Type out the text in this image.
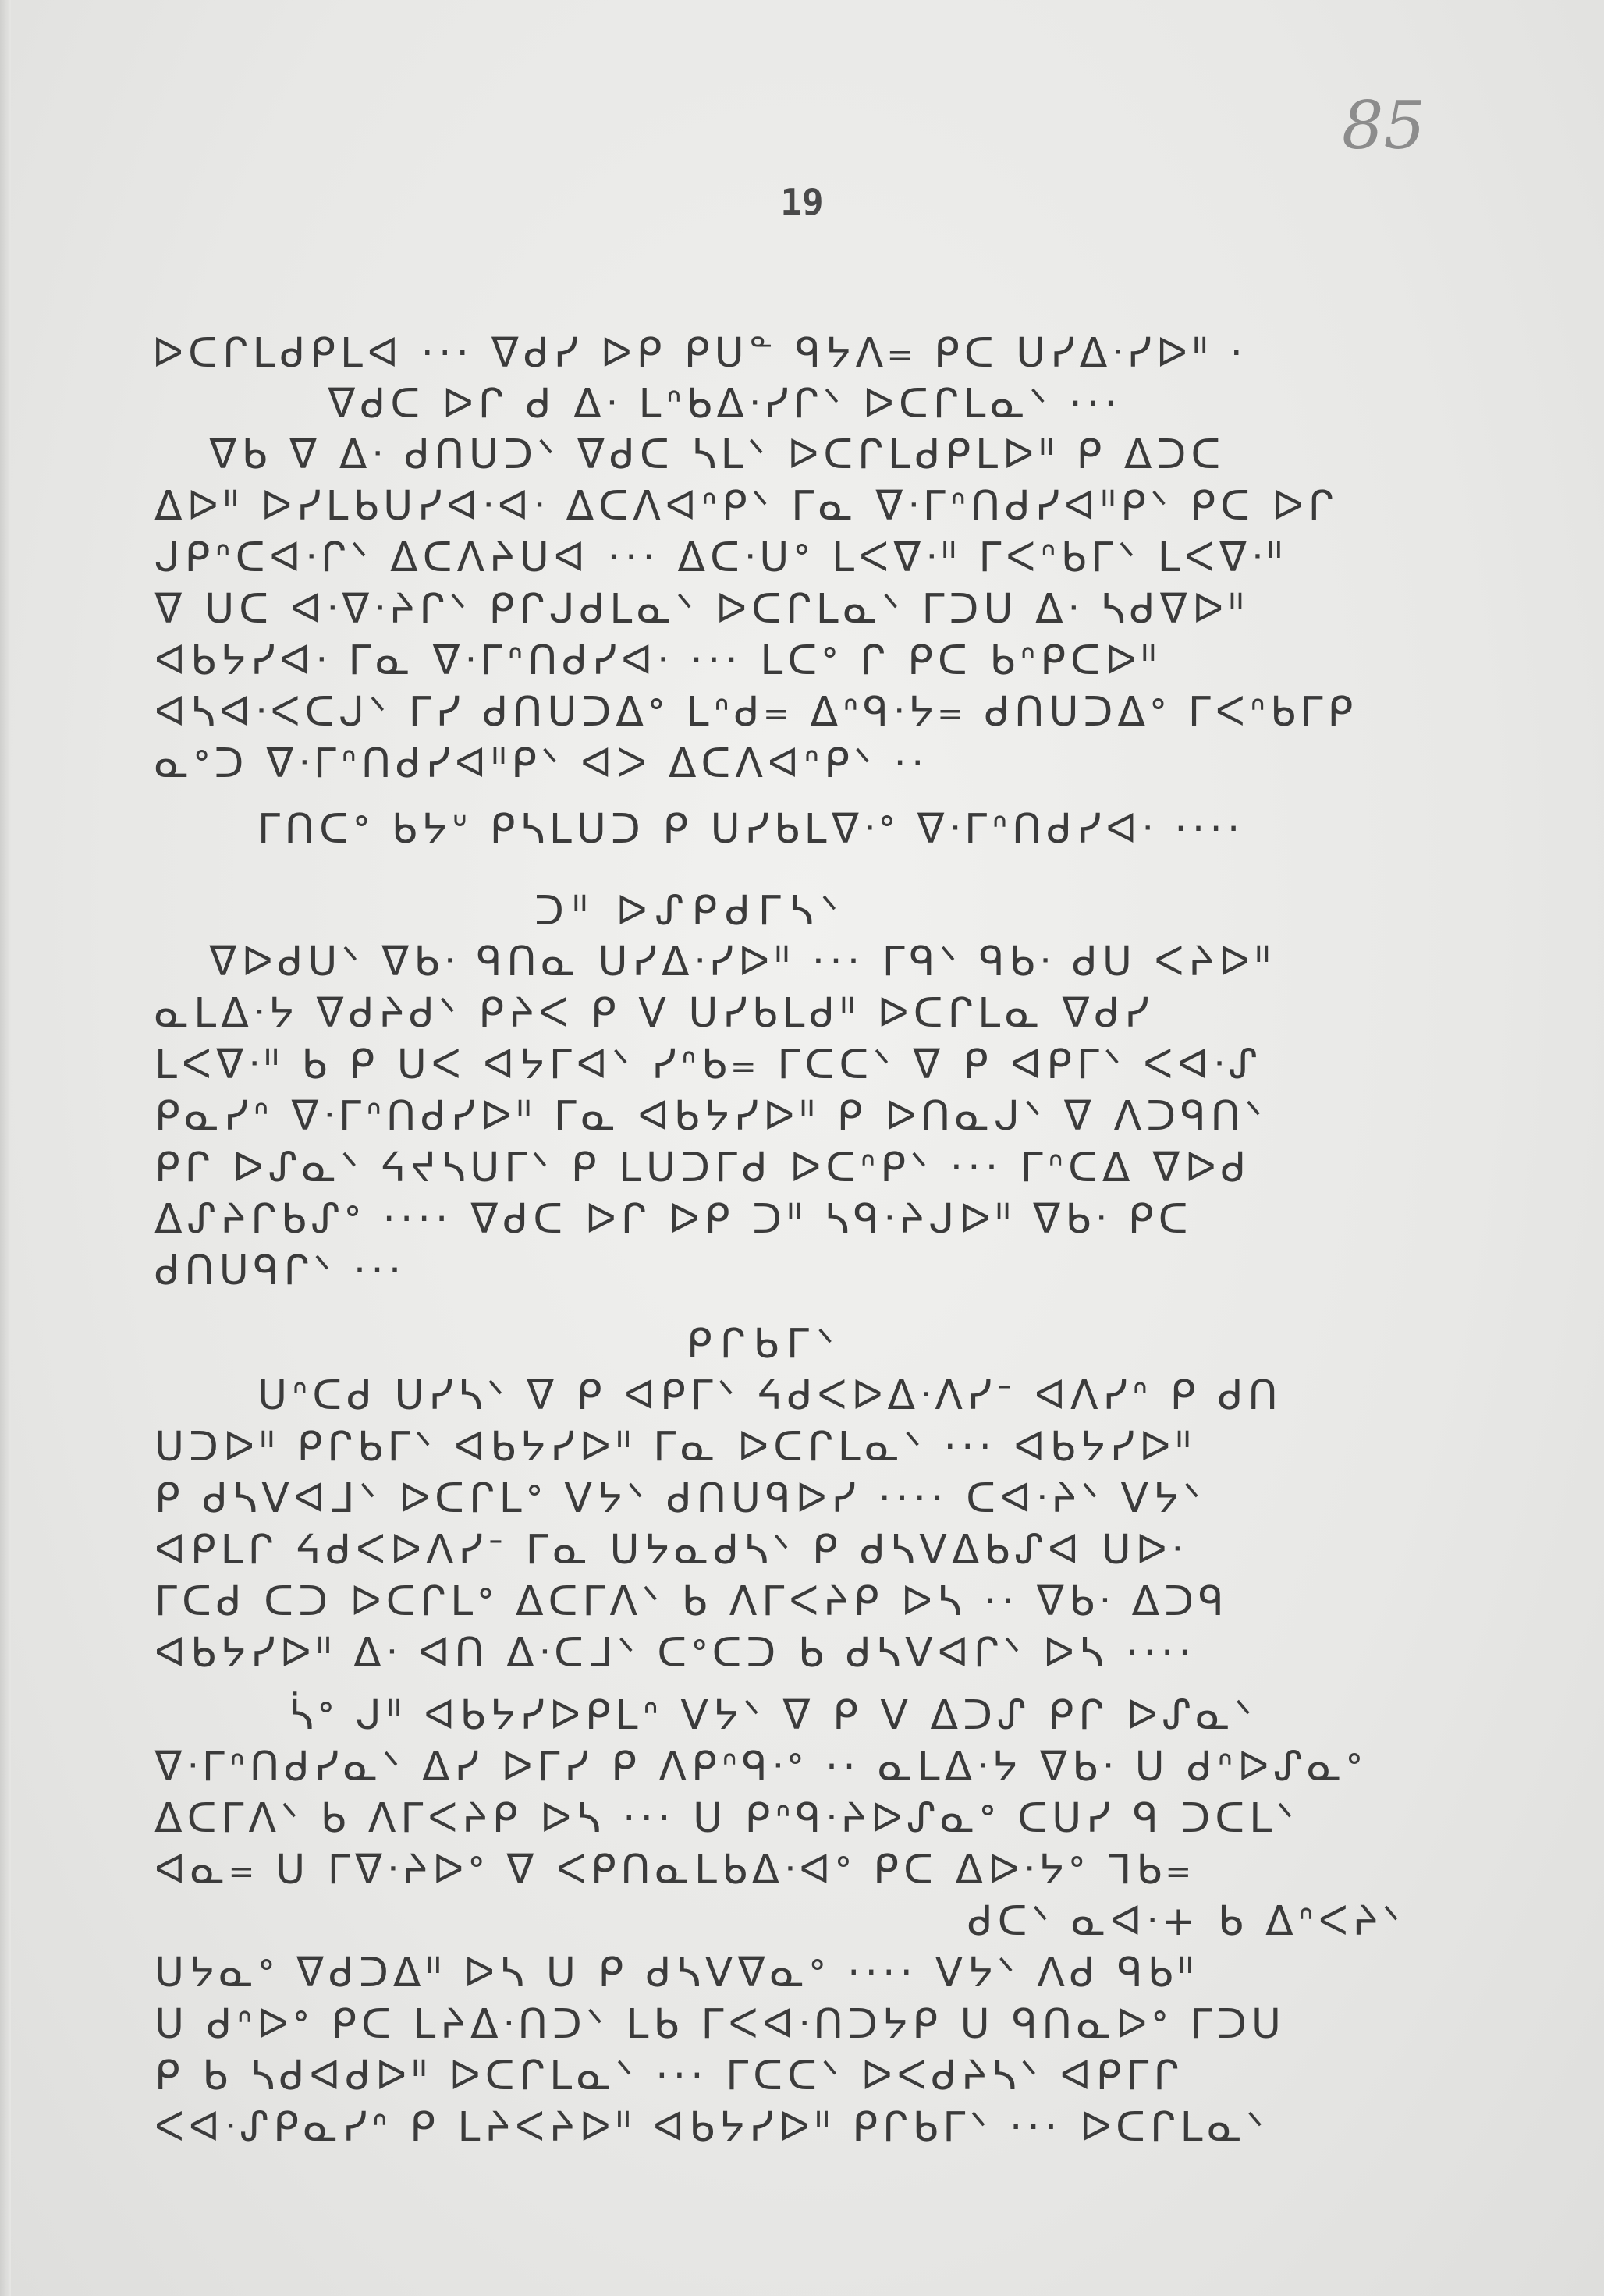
85
19

ᐅᑕᒋᒪᑯᑭᒪᐊ ··· ᐁᑯᓯ ᐅᑭ ᑭᑌᓐ ᑫᔭᐱ᐀ ᑭᑕ ᑌᓯᐃᐧᓯᐅᐦ ·

ᐁᑯᑕ ᐅᒋ ᑯ ᐃᐧ ᒪᐢᑲᐃᐧᓯᒋᐠ ᐅᑕᒋᒪᓇᐠ ···

ᐁᑲ ᐁ ᐃᐧ ᑯᑎᑌᑐᐠ ᐁᑯᑕ ᓴᒪᐠ ᐅᑕᒋᒪᑯᑭᒪᐅᐦ ᑭ ᐃᑐᑕ

ᐃᐅᐦ ᐅᓯᒪᑲᑌᓯᐊᐧᐊᐧ ᐃᑕᐱᐊᐢᑭᐠ ᒥᓇ ᐁᐧᒥᐢᑎᑯᓯᐊᐦᑭᐠ ᑭᑕ ᐅᒋ

ᒍᑭᐢᑕᐊᐧᒋᐠ ᐃᑕᐱᔨᑌᐊ ··· ᐃᑕᐧᑌᐤ ᒪᐸᐁᐧᐦ ᒥᐸᐢᑲᒥᐠ ᒪᐸᐁᐧᐦ

ᐁ ᑌᑕ ᐊᐧᐁᐧᔨᒋᐠ ᑭᒋᒍᑯᒪᓇᐠ ᐅᑕᒋᒪᓇᐠ ᒥᑐᑌ ᐃᐧ ᓴᑯᐁᐅᐦ

ᐊᑲᔭᓯᐊᐧ ᒥᓇ ᐁᐧᒥᐢᑎᑯᓯᐊᐧ ··· ᒪᑕᐤ ᒋ ᑭᑕ ᑲᐢᑭᑕᐅᐦ

ᐊᓴᐊᐧᐸᑕᒍᐠ ᒥᓯ ᑯᑎᑌᑐᐃᐤ ᒪᐢᑯ᐀ ᐃᐢᑫᐧᔭ᐀ ᑯᑎᑌᑐᐃᐤ ᒥᐸᐢᑲᒥᑭ

ᓇᐤᑐ ᐁᐧᒥᐢᑎᑯᓯᐊᐦᑭᐠ ᐊᐳ ᐃᑕᐱᐊᐢᑭᐠ ··

ᒥᑎᑕᐤ ᑲᔭᐡ ᑭᓴᒪᑌᑐ ᑭ ᑌᓯᑲᒪᐁᐧᐤ ᐁᐧᒥᐢᑎᑯᓯᐊᐧ ····

ᑐᐦ ᐅᔑᑭᑯᒥᓴᐠ

ᐁᐅᑯᑌᐠ ᐁᑲᐧ ᑫᑎᓇ ᑌᓯᐃᐧᓯᐅᐦ ··· ᒥᑫᐠ ᑫᑲᐧ ᑯᑌ ᐸᔨᐅᐦ

ᓇᒪᐃᐧᔭ ᐁᑯᔨᑯᐠ ᑭᔨᐸ ᑭ ᐯ ᑌᓯᑲᒪᑯᐦ ᐅᑕᒋᒪᓇ ᐁᑯᓯ

ᒪᐸᐁᐧᐦ ᑲ ᑭ ᑌᐸ ᐊᔭᒥᐊᐠ ᓯᐢᑲ᐀ ᒥᑕᑕᐠ ᐁ ᑭ ᐊᑭᒥᐠ ᐸᐊᐧᔑ

ᑭᓇᓯᐢ ᐁᐧᒥᐢᑎᑯᓯᐅᐦ ᒥᓇ ᐊᑲᔭᓯᐅᐦ ᑭ ᐅᑎᓇᒍᐠ ᐁ ᐱᑐᑫᑎᐠ

ᑭᒋ ᐅᔑᓇᐠ ᔦᔪᓴᑌᒥᐠ ᑭ ᒪᑌᑐᒥᑯ ᐅᑕᐢᑭᐠ ··· ᒥᐢᑕᐃ ᐁᐅᑯ

ᐃᔑᔨᒋᑲᔑᐤ ···· ᐁᑯᑕ ᐅᒋ ᐅᑭ ᑐᐦ ᓴᑫᐧᔨᒍᐅᐦ ᐁᑲᐧ ᑭᑕ

ᑯᑎᑌᑫᒋᐠ ···

ᑭᒋᑲᒥᐠ

ᑌᐢᑕᑯ ᑌᓯᓴᐠ ᐁ ᑭ ᐊᑭᒥᐠ ᔦᑯᐸᐅᐃᐧᐱᓯᐨ ᐊᐱᓯᐢ ᑭ ᑯᑎ

ᑌᑐᐅᐦ ᑭᒋᑲᒥᐠ ᐊᑲᔭᓯᐅᐦ ᒥᓇ ᐅᑕᒋᒪᓇᐠ ··· ᐊᑲᔭᓯᐅᐦ

ᑭ ᑯᓴᐯᐊᒧᐠ ᐅᑕᒋᒪᐤ ᐯᔭᐠ ᑯᑎᑌᑫᐅᓯ ···· ᑕᐊᐧᔨᐠ ᐯᔭᐠ

ᐊᑭᒪᒋ ᔦᑯᐸᐅᐱᓯᐨ ᒥᓇ ᑌᔭᓇᑯᓴᐠ ᑭ ᑯᓴᐯᐃᑲᔑᐊ ᑌᐅᐧ

ᒥᑕᑯ ᑕᑐ ᐅᑕᒋᒪᐤ ᐃᑕᒥᐱᐠ ᑲ ᐱᒥᐸᔨᑭ ᐅᓴ ·· ᐁᑲᐧ ᐃᑐᑫ

ᐊᑲᔭᓯᐅᐦ ᐃᐧ ᐊᑎ ᐃᐧᑕᒧᐠ ᑕᐤᑕᑐ ᑲ ᑯᓴᐯᐊᒋᐠ ᐅᓴ ····

ᓵᐤ ᒍᐦ ᐊᑲᔭᓯᐅᑭᒪᐢ ᐯᔭᐠ ᐁ ᑭ ᐯ ᐃᑐᔑ ᑭᒋ ᐅᔑᓇᐠ

ᐁᐧᒥᐢᑎᑯᓯᓇᐠ ᐃᓯ ᐅᒥᓯ ᑭ ᐱᑭᐢᑫᐧᐤ ·· ᓇᒪᐃᐧᔭ ᐁᑲᐧ ᑌ ᑯᐢᐅᔑᓇᐤ

ᐃᑕᒥᐱᐠ ᑲ ᐱᒥᐸᔨᑭ ᐅᓴ ··· ᑌ ᑭᐢᑫᐧᔨᐅᔑᓇᐤ ᑕᑌᓯ ᑫ ᑐᑕᒪᐠ

ᐊᓇ᐀ ᑌ ᒥᐁᐧᔨᐅᐤ ᐁ ᐸᑭᑎᓇᒪᑲᐃᐧᐊᐤ ᑭᑕ ᐃᐅᐧᔭᐤ ᒣᑲ᐀

ᑯᑕᐠ ᓇᐊᐧ+ ᑲ ᐃᐢᐸᔨᐠ

ᑌᔭᓇᐤ ᐁᑯᑐᐃᐦ ᐅᓴ ᑌ ᑭ ᑯᓴᐯᐁᓇᐤ ···· ᐯᔭᐠ ᐱᑯ ᑫᑲᐦ

ᑌ ᑯᐢᐅᐤ ᑭᑕ ᒪᔨᐃᐧᑎᑐᐠ ᒪᑲ ᒥᐸᐊᐧᑎᑐᔭᑭ ᑌ ᑫᑎᓇᐅᐤ ᒥᑐᑌ

ᑭ ᑲ ᓴᑯᐊᑯᐅᐦ ᐅᑕᒋᒪᓇᐠ ··· ᒥᑕᑕᐠ ᐅᐸᑯᔨᓴᐠ ᐊᑭᒥᒋ

ᐸᐊᐧᔑᑭᓇᓯᐢ ᑭ ᒪᔨᐸᔨᐅᐦ ᐊᑲᔭᓯᐅᐦ ᑭᒋᑲᒥᐠ ··· ᐅᑕᒋᒪᓇᐠ
